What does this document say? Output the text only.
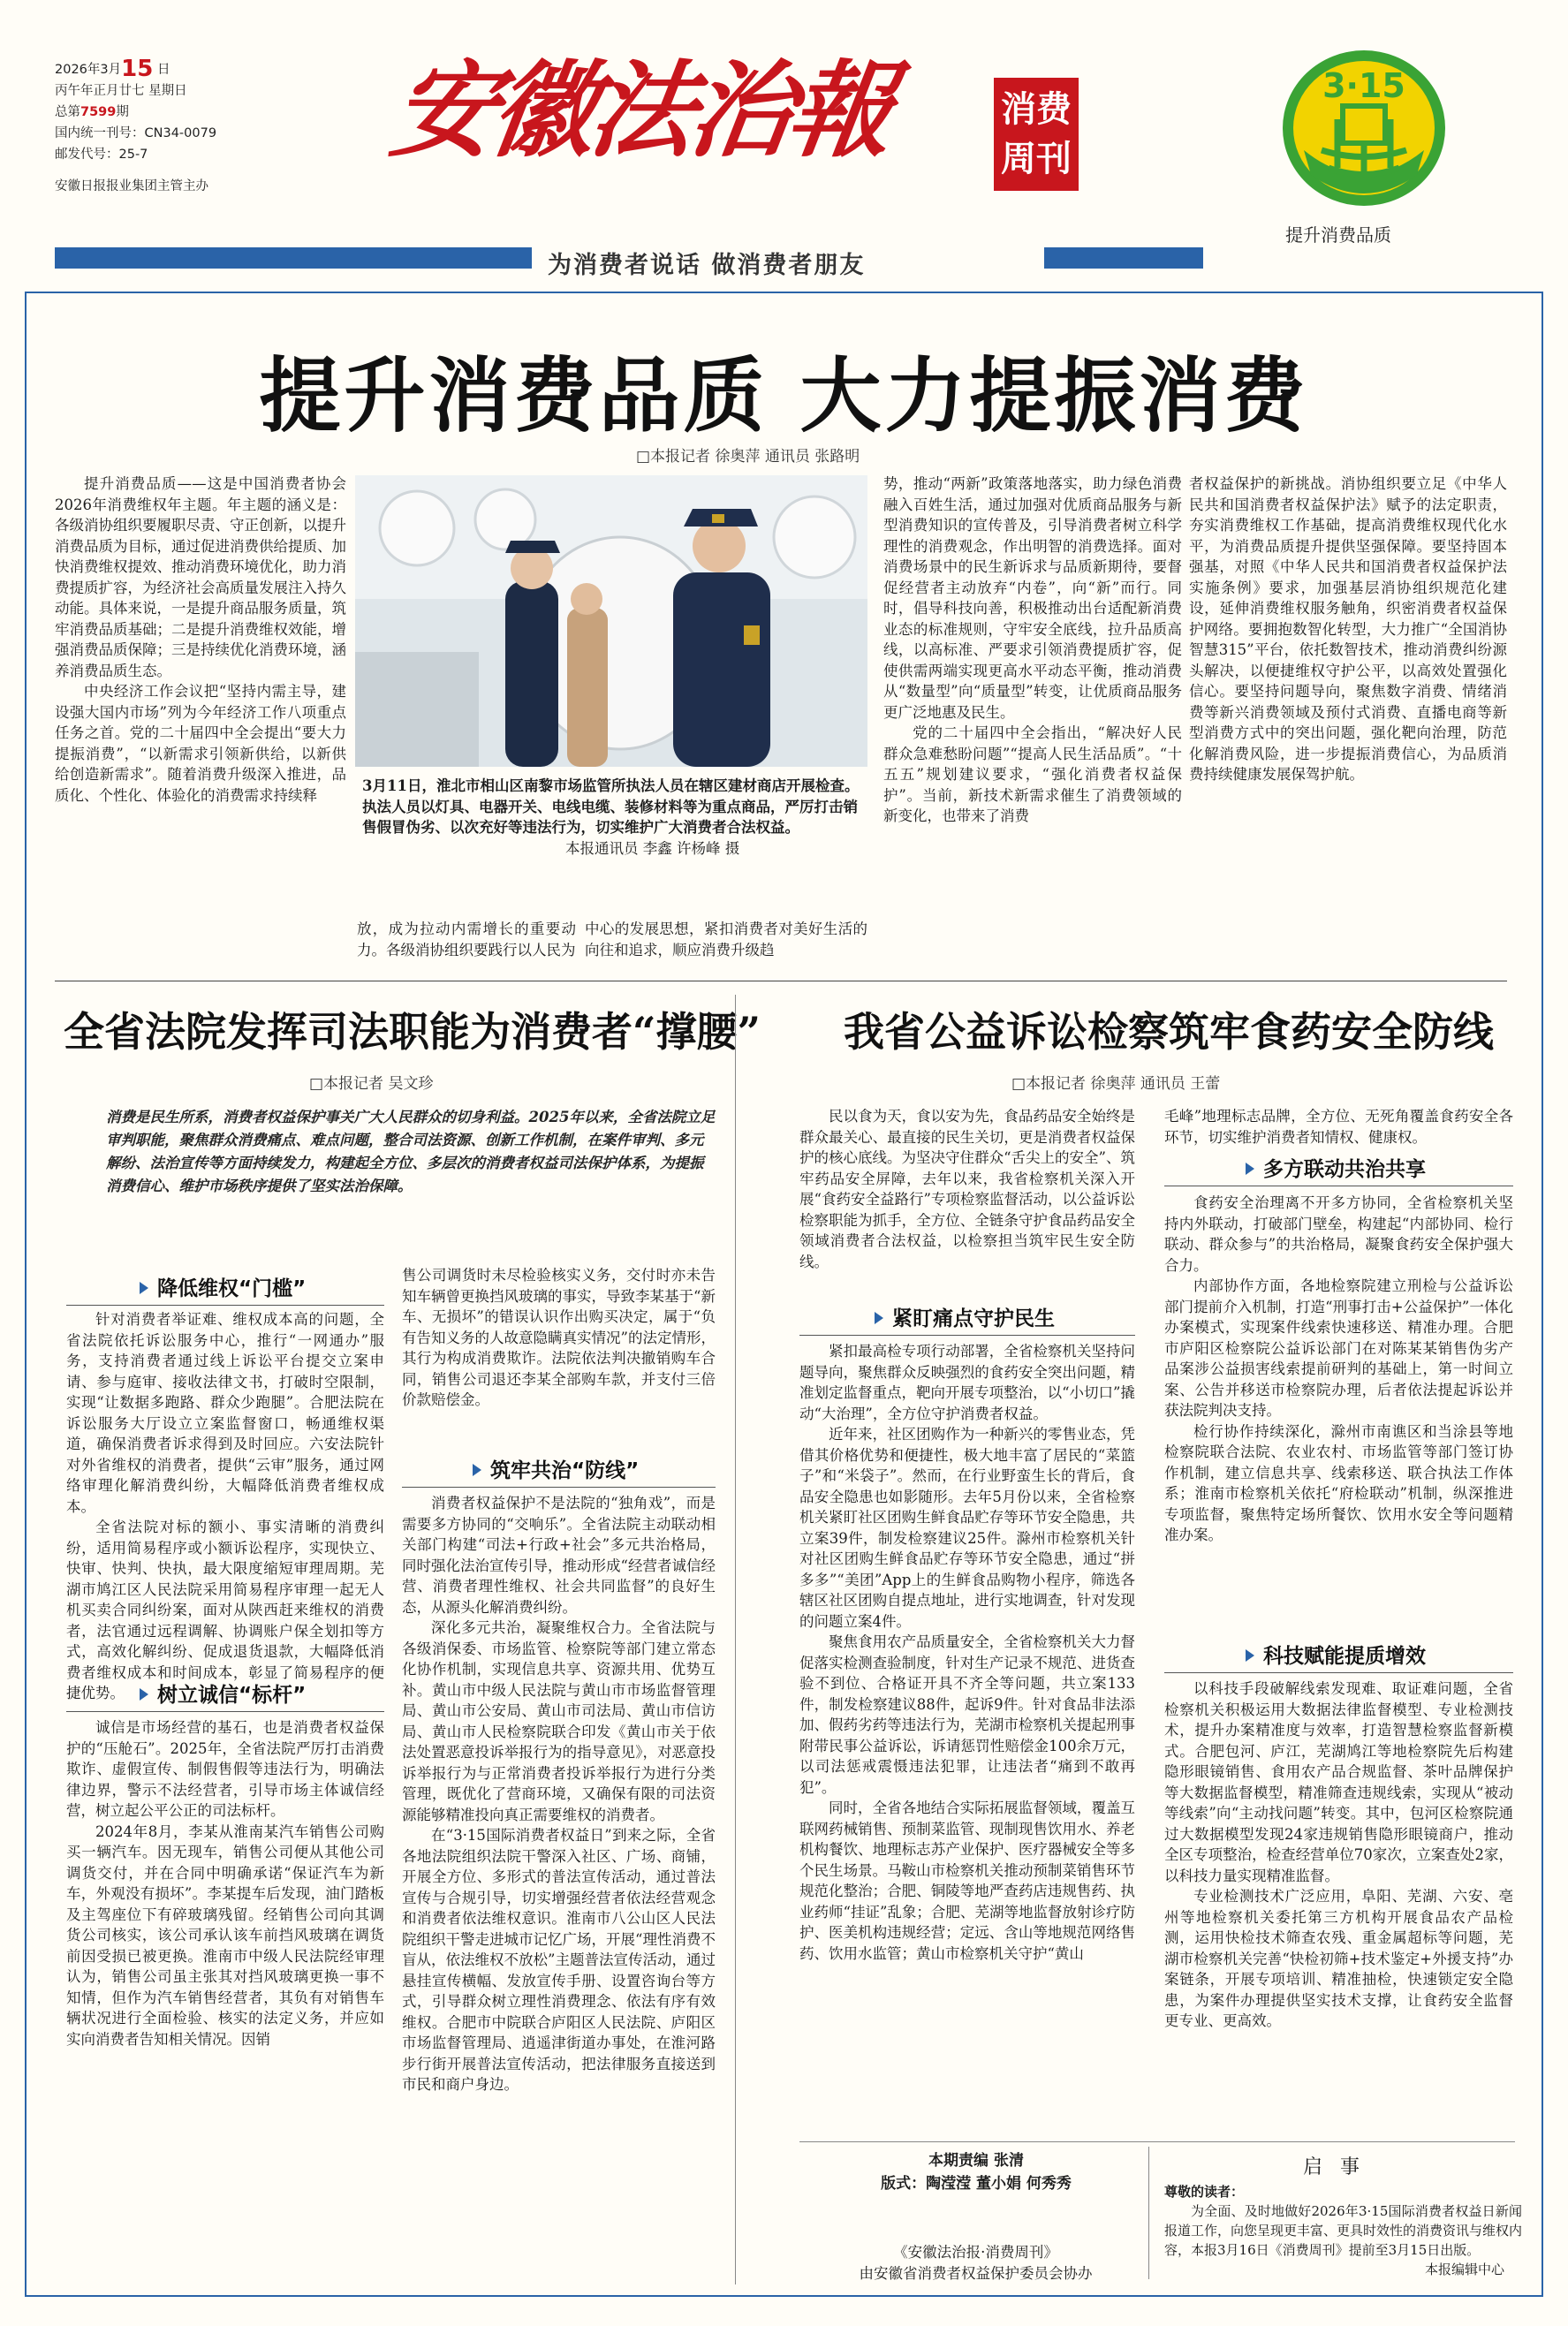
2026年3月15 日
丙午年正月廿七 星期日
总第7599期
国内统一刊号：CN34-0079
邮发代号：25-7
安徽日报报业集团主管主办
安徽法治報	消费
周刊
3·15
提升消费品质
为消费者说话 做消费者朋友
提升消费品质 大力提振消费
□本报记者 徐奥萍 通讯员 张路明

提升消费品质——这是中国消费者协会2026年消费维权年主题。年主题的涵义是：各级消协组织要履职尽责、守正创新，以提升消费品质为目标，通过促进消费供给提质、加快消费维权提效、推动消费环境优化，助力消费提质扩容，为经济社会高质量发展注入持久动能。具体来说，一是提升商品服务质量，筑牢消费品质基础；二是提升消费维权效能，增强消费品质保障；三是持续优化消费环境，涵养消费品质生态。

中央经济工作会议把“坚持内需主导，建设强大国内市场”列为今年经济工作八项重点任务之首。党的二十届四中全会提出“要大力提振消费”，“以新需求引领新供给，以新供给创造新需求”。随着消费升级深入推进，品质化、个性化、体验化的消费需求持续释

3月11日，淮北市相山区南黎市场监管所执法人员在辖区建材商店开展检查。执法人员以灯具、电器开关、电线电缆、装修材料等为重点商品，严厉打击销售假冒伪劣、以次充好等违法行为，切实维护广大消费者合法权益。
本报通讯员 李鑫 许杨峰 摄
放，成为拉动内需增长的重要动力。各级消协组织要践行以人民为
中心的发展思想，紧扣消费者对美好生活的向往和追求，顺应消费升级趋
势，推动“两新”政策落地落实，助力绿色消费融入百姓生活，通过加强对优质商品服务与新型消费知识的宣传普及，引导消费者树立科学理性的消费观念，作出明智的消费选择。面对消费场景中的民生新诉求与品质新期待，要督促经营者主动放弃“内卷”，向“新”而行。同时，倡导科技向善，积极推动出台适配新消费业态的标准规则，守牢安全底线，拉升品质高线，以高标准、严要求引领消费提质扩容，促使供需两端实现更高水平动态平衡，推动消费从“数量型”向“质量型”转变，让优质商品服务更广泛地惠及民生。

党的二十届四中全会指出，“解决好人民群众急难愁盼问题”“提高人民生活品质”。“十五五”规划建议要求，“强化消费者权益保护”。当前，新技术新需求催生了消费领域的新变化，也带来了消费

者权益保护的新挑战。消协组织要立足《中华人民共和国消费者权益保护法》赋予的法定职责，夯实消费维权工作基础，提高消费维权现代化水平，为消费品质提升提供坚强保障。要坚持固本强基，对照《中华人民共和国消费者权益保护法实施条例》要求，加强基层消协组织规范化建设，延伸消费维权服务触角，织密消费者权益保护网络。要拥抱数智化转型，大力推广“全国消协智慧315”平台，依托数智技术，推动消费纠纷源头解决，以便捷维权守护公平，以高效处置强化信心。要坚持问题导向，聚焦数字消费、情绪消费等新兴消费领域及预付式消费、直播电商等新型消费方式中的突出问题，强化靶向治理，防范化解消费风险，进一步提振消费信心，为品质消费持续健康发展保驾护航。
全省法院发挥司法职能为消费者“撑腰”
□本报记者 吴文珍
消费是民生所系，消费者权益保护事关广大人民群众的切身利益。2025年以来，全省法院立足审判职能，聚焦群众消费痛点、难点问题，整合司法资源、创新工作机制，在案件审判、多元解纷、法治宣传等方面持续发力，构建起全方位、多层次的消费者权益司法保护体系，为提振消费信心、维护市场秩序提供了坚实法治保障。
降低维权“门槛”

针对消费者举证难、维权成本高的问题，全省法院依托诉讼服务中心，推行“一网通办”服务，支持消费者通过线上诉讼平台提交立案申请、参与庭审、接收法律文书，打破时空限制，实现“让数据多跑路、群众少跑腿”。合肥法院在诉讼服务大厅设立立案监督窗口，畅通维权渠道，确保消费者诉求得到及时回应。六安法院针对外省维权的消费者，提供“云审”服务，通过网络审理化解消费纠纷，大幅降低消费者维权成本。

全省法院对标的额小、事实清晰的消费纠纷，适用简易程序或小额诉讼程序，实现快立、快审、快判、快执，最大限度缩短审理周期。芜湖市鸠江区人民法院采用简易程序审理一起无人机买卖合同纠纷案，面对从陕西赶来维权的消费者，法官通过远程调解、协调账户保全划扣等方式，高效化解纠纷、促成退货退款，大幅降低消费者维权成本和时间成本，彰显了简易程序的便捷优势。	树立诚信“标杆”

诚信是市场经营的基石，也是消费者权益保护的“压舱石”。2025年，全省法院严厉打击消费欺诈、虚假宣传、制假售假等违法行为，明确法律边界，警示不法经营者，引导市场主体诚信经营，树立起公平公正的司法标杆。

2024年8月，李某从淮南某汽车销售公司购买一辆汽车。因无现车，销售公司便从其他公司调货交付，并在合同中明确承诺“保证汽车为新车，外观没有损坏”。李某提车后发现，油门踏板及主驾座位下有碎玻璃残留。经销售公司向其调货公司核实，该公司承认该车前挡风玻璃在调货前因受损已被更换。淮南市中级人民法院经审理认为，销售公司虽主张其对挡风玻璃更换一事不知情，但作为汽车销售经营者，其负有对销售车辆状况进行全面检验、核实的法定义务，并应如实向消费者告知相关情况。因销

售公司调货时未尽检验核实义务，交付时亦未告知车辆曾更换挡风玻璃的事实，导致李某基于“新车、无损坏”的错误认识作出购买决定，属于“负有告知义务的人故意隐瞒真实情况”的法定情形，其行为构成消费欺诈。法院依法判决撤销购车合同，销售公司退还李某全部购车款，并支付三倍价款赔偿金。
筑牢共治“防线”

消费者权益保护不是法院的“独角戏”，而是需要多方协同的“交响乐”。全省法院主动联动相关部门构建“司法+行政+社会”多元共治格局，同时强化法治宣传引导，推动形成“经营者诚信经营、消费者理性维权、社会共同监督”的良好生态，从源头化解消费纠纷。

深化多元共治，凝聚维权合力。全省法院与各级消保委、市场监管、检察院等部门建立常态化协作机制，实现信息共享、资源共用、优势互补。黄山市中级人民法院与黄山市市场监督管理局、黄山市公安局、黄山市司法局、黄山市信访局、黄山市人民检察院联合印发《黄山市关于依法处置恶意投诉举报行为的指导意见》，对恶意投诉举报行为与正常消费者投诉举报行为进行分类管理，既优化了营商环境，又确保有限的司法资源能够精准投向真正需要维权的消费者。

在“3·15国际消费者权益日”到来之际，全省各地法院组织法院干警深入社区、广场、商铺，开展全方位、多形式的普法宣传活动，通过普法宣传与合规引导，切实增强经营者依法经营观念和消费者依法维权意识。淮南市八公山区人民法院组织干警走进城市记忆广场，开展“理性消费不盲从，依法维权不放松”主题普法宣传活动，通过悬挂宣传横幅、发放宣传手册、设置咨询台等方式，引导群众树立理性消费理念、依法有序有效维权。合肥市中院联合庐阳区人民法院、庐阳区市场监督管理局、逍遥津街道办事处，在淮河路步行街开展普法宣传活动，把法律服务直接送到市民和商户身边。

我省公益诉讼检察筑牢食药安全防线
□本报记者 徐奥萍 通讯员 王蕾

民以食为天，食以安为先，食品药品安全始终是群众最关心、最直接的民生关切，更是消费者权益保护的核心底线。为坚决守住群众“舌尖上的安全”、筑牢药品安全屏障，去年以来，我省检察机关深入开展“食药安全益路行”专项检察监督活动，以公益诉讼检察职能为抓手，全方位、全链条守护食品药品安全领域消费者合法权益，以检察担当筑牢民生安全防线。

紧盯痛点守护民生

紧扣最高检专项行动部署，全省检察机关坚持问题导向，聚焦群众反映强烈的食药安全突出问题，精准划定监督重点，靶向开展专项整治，以“小切口”撬动“大治理”，全方位守护消费者权益。

近年来，社区团购作为一种新兴的零售业态，凭借其价格优势和便捷性，极大地丰富了居民的“菜篮子”和“米袋子”。然而，在行业野蛮生长的背后，食品安全隐患也如影随形。去年5月份以来，全省检察机关紧盯社区团购生鲜食品贮存等环节安全隐患，共立案39件，制发检察建议25件。滁州市检察机关针对社区团购生鲜食品贮存等环节安全隐患，通过“拼多多”“美团”App上的生鲜食品购物小程序，筛选各辖区社区团购自提点地址，进行实地调查，针对发现的问题立案4件。

聚焦食用农产品质量安全，全省检察机关大力督促落实检测查验制度，针对生产记录不规范、进货查验不到位、合格证开具不齐全等问题，共立案133件，制发检察建议88件，起诉9件。针对食品非法添加、假药劣药等违法行为，芜湖市检察机关提起刑事附带民事公益诉讼，诉请惩罚性赔偿金100余万元，以司法惩戒震慑违法犯罪，让违法者“痛到不敢再犯”。

同时，全省各地结合实际拓展监督领域，覆盖互联网药械销售、预制菜监管、现制现售饮用水、养老机构餐饮、地理标志苏产业保护、医疗器械安全等多个民生场景。马鞍山市检察机关推动预制菜销售环节规范化整治；合肥、铜陵等地严查药店违规售药、执业药师“挂证”乱象；合肥、芜湖等地监督放射诊疗防护、医美机构违规经营；定远、含山等地规范网络售药、饮用水监管；黄山市检察机关守护“黄山

毛峰”地理标志品牌，全方位、无死角覆盖食药安全各环节，切实维护消费者知情权、健康权。
多方联动共治共享

食药安全治理离不开多方协同，全省检察机关坚持内外联动，打破部门壁垒，构建起“内部协同、检行联动、群众参与”的共治格局，凝聚食药安全保护强大合力。

内部协作方面，各地检察院建立刑检与公益诉讼部门提前介入机制，打造“刑事打击+公益保护”一体化办案模式，实现案件线索快速移送、精准办理。合肥市庐阳区检察院公益诉讼部门在对陈某某销售伪劣产品案涉公益损害线索提前研判的基础上，第一时间立案、公告并移送市检察院办理，后者依法提起诉讼并获法院判决支持。

检行协作持续深化，滁州市南谯区和当涂县等地检察院联合法院、农业农村、市场监管等部门签订协作机制，建立信息共享、线索移送、联合执法工作体系；淮南市检察机关依托“府检联动”机制，纵深推进专项监督，聚焦特定场所餐饮、饮用水安全等问题精准办案。

科技赋能提质增效

以科技手段破解线索发现难、取证难问题，全省检察机关积极运用大数据法律监督模型、专业检测技术，提升办案精准度与效率，打造智慧检察监督新模式。合肥包河、庐江，芜湖鸠江等地检察院先后构建隐形眼镜销售、食用农产品合规监督、茶叶品牌保护等大数据监督模型，精准筛查违规线索，实现从“被动等线索”向“主动找问题”转变。其中，包河区检察院通过大数据模型发现24家违规销售隐形眼镜商户，推动全区专项整治，检查经营单位70家次，立案查处2家，以科技力量实现精准监督。

专业检测技术广泛应用，阜阳、芜湖、六安、亳州等地检察机关委托第三方机构开展食品农产品检测，运用快检技术筛查农残、重金属超标等问题，芜湖市检察机关完善“快检初筛+技术鉴定+外援支持”办案链条，开展专项培训、精准抽检，快速锁定安全隐患，为案件办理提供坚实技术支撑，让食药安全监督更专业、更高效。

本期责编 张清
版式：陶滢滢 董小娟 何秀秀
《安徽法治报·消费周刊》
由安徽省消费者权益保护委员会协办
启事
尊敬的读者：
为全面、及时地做好2026年3·15国际消费者权益日新闻报道工作，向您呈现更丰富、更具时效性的消费资讯与维权内容，本报3月16日《消费周刊》提前至3月15日出版。
本报编辑中心
